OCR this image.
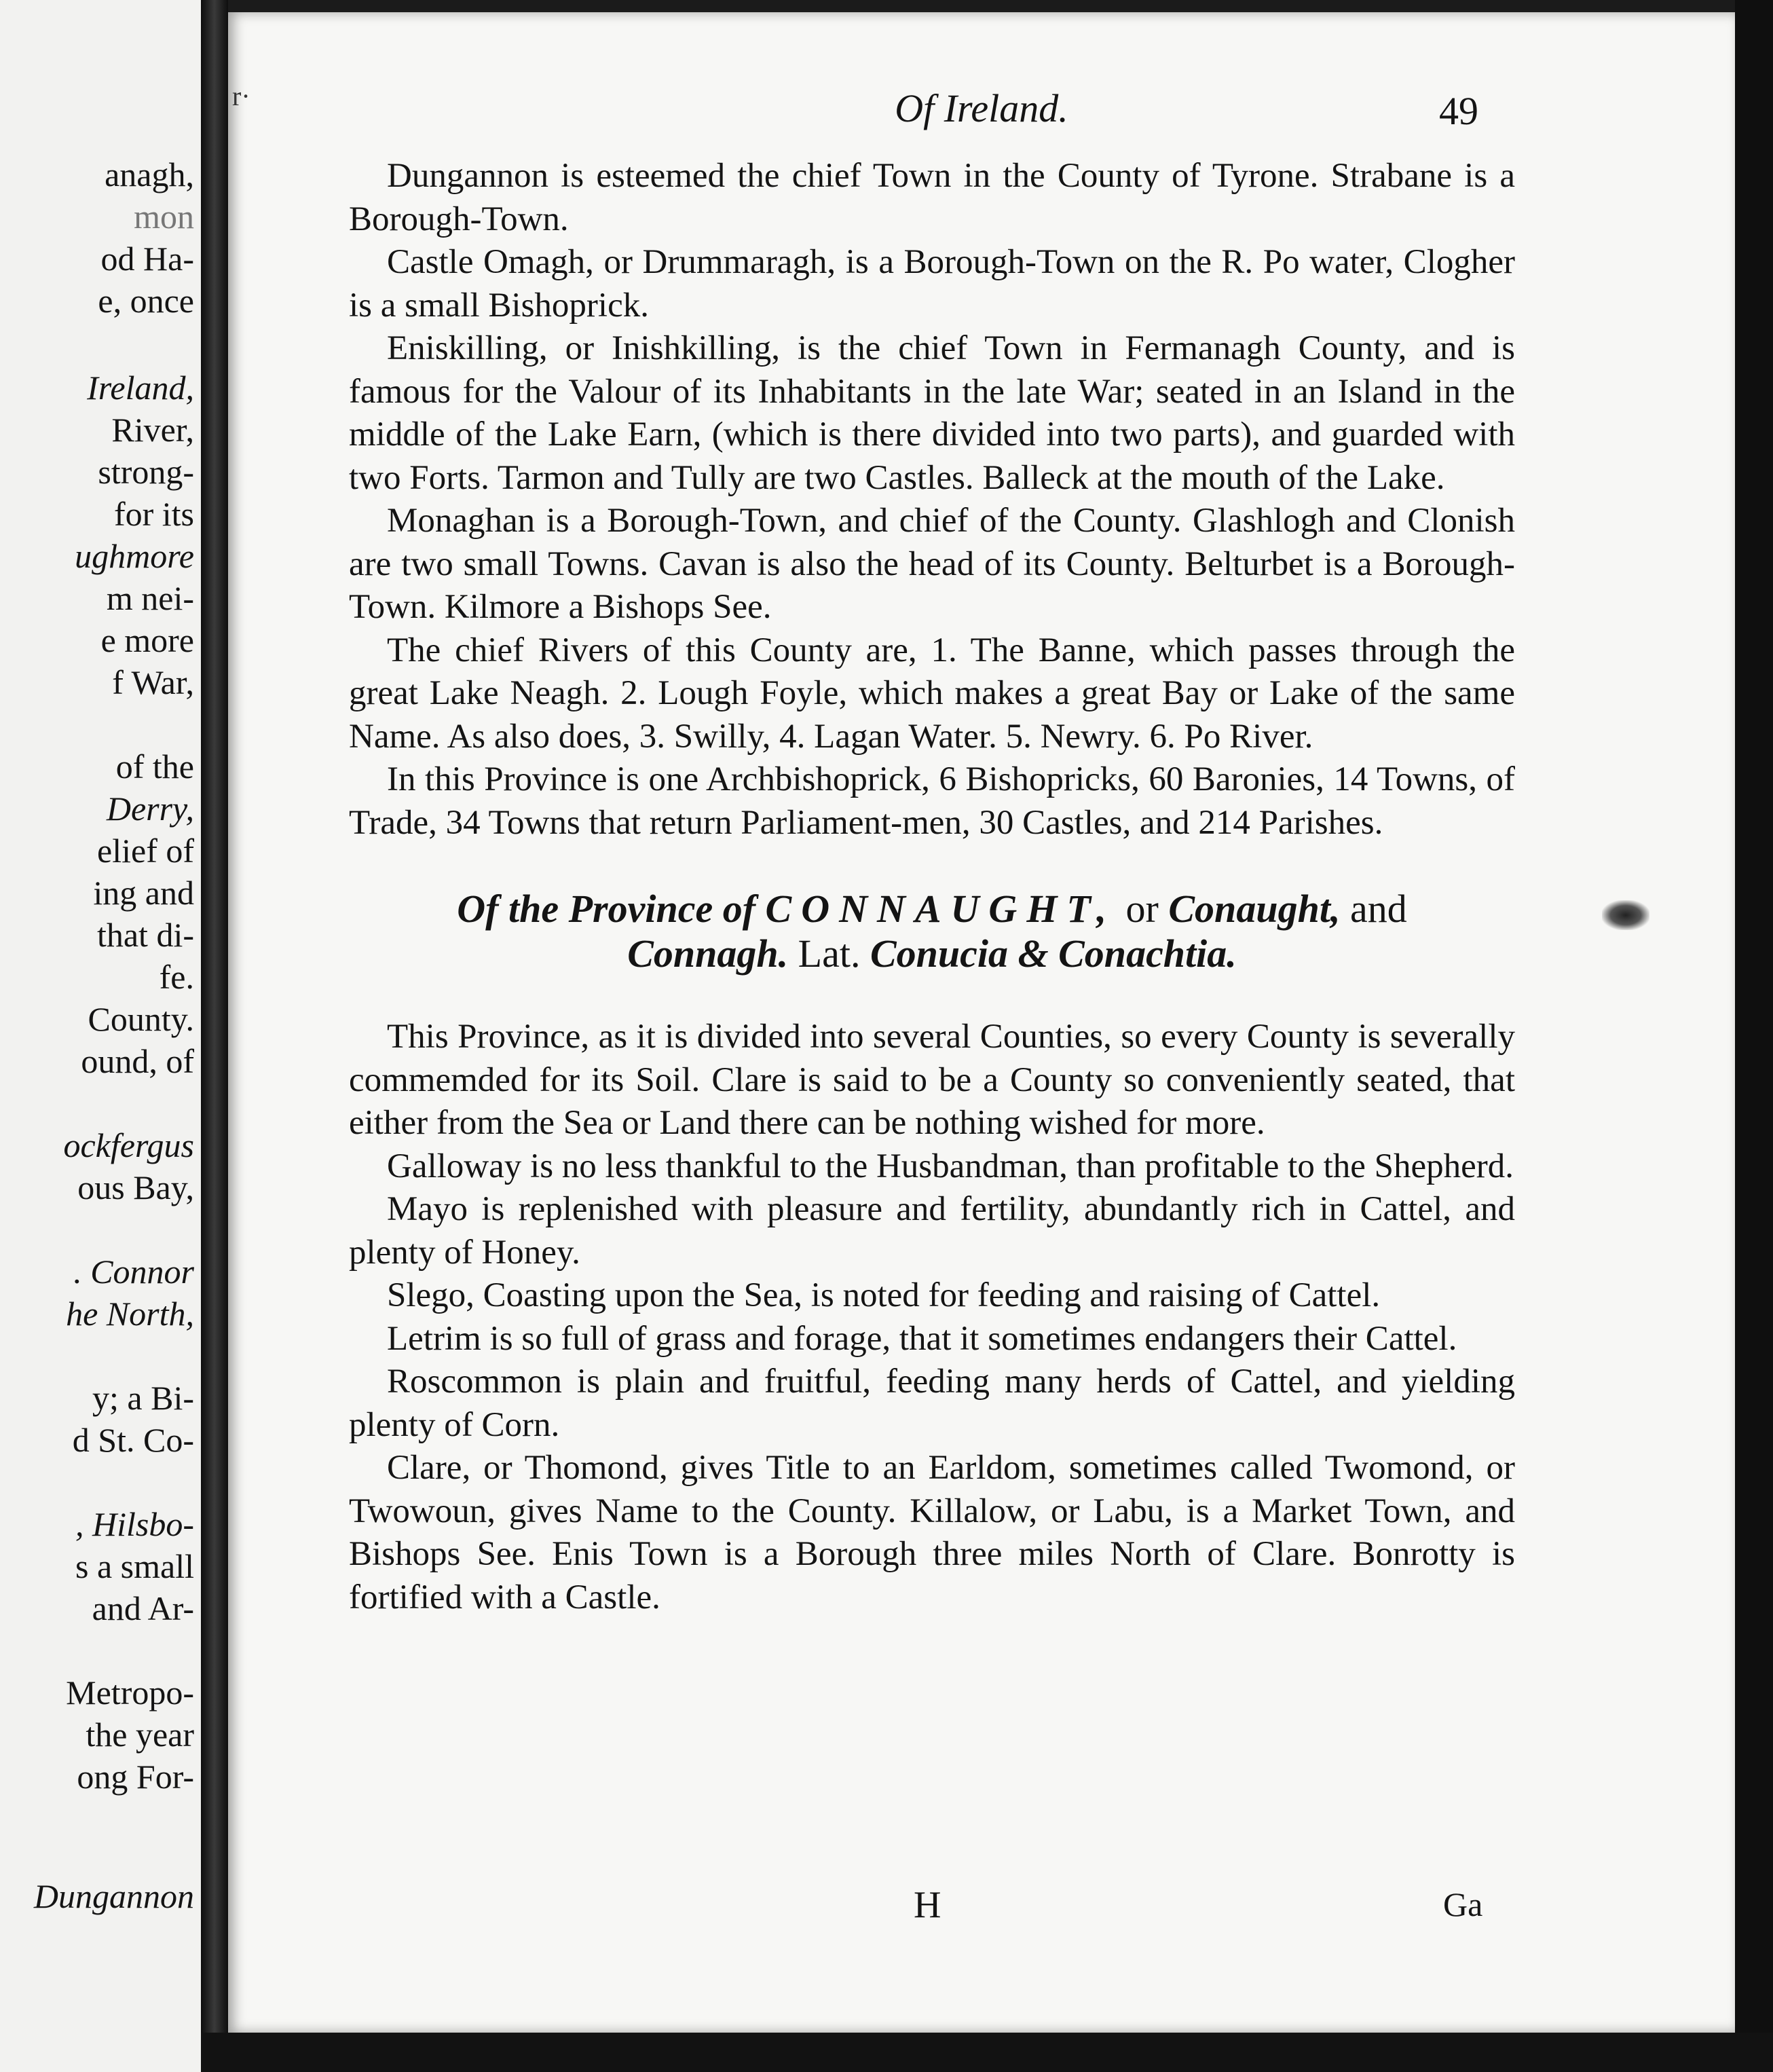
anagh,
mon
od Ha-
e, once
Ireland,
River,
strong-
for its
ughmore
m nei-
e more
f War,
of the
Derry,
elief of
ing and
that di-
fe.
County.
ound, of
ockfergus
ous Bay,
. Connor
he North,
y; a Bi-
d St. Co-
, Hilsbo-
s a small
and Ar-
Metropo-
the year
ong For-
Dungannon
r·	Of Ireland.	49

Dungannon is esteemed the chief Town in the County of Tyrone. Strabane is a Borough-Town.

Castle Omagh, or Drummaragh, is a Borough-Town on the R. Po water, Clogher is a small Bishoprick.

Eniskilling, or Inishkilling, is the chief Town in Fermanagh County, and is famous for the Valour of its Inhabitants in the late War; seated in an Island in the middle of the Lake Earn, (which is there divided into two parts), and guarded with two Forts. Tarmon and Tully are two Castles. Balleck at the mouth of the Lake.

Monaghan is a Borough-Town, and chief of the County. Glashlogh and Clonish are two small Towns. Cavan is also the head of its County. Belturbet is a Borough-Town. Kilmore a Bishops See.

The chief Rivers of this County are, 1. The Banne, which passes through the great Lake Neagh. 2. Lough Foyle, which makes a great Bay or Lake of the same Name. As also does, 3. Swilly, 4. Lagan Water. 5. Newry. 6. Po River.

In this Province is one Archbishoprick, 6 Bishopricks, 60 Baronies, 14 Towns, of Trade, 34 Towns that return Parliament-men, 30 Castles, and 214 Parishes.

Of the Province of CONNAUGHT, or Conaught, and
Connagh. Lat. Conucia & Conachtia.

This Province, as it is divided into several Counties, so every County is severally commemded for its Soil. Clare is said to be a County so conveniently seated, that either from the Sea or Land there can be nothing wished for more.

Galloway is no less thankful to the Husbandman, than profitable to the Shepherd.

Mayo is replenished with pleasure and fertility, abundantly rich in Cattel, and plenty of Honey.

Slego, Coasting upon the Sea, is noted for feeding and raising of Cattel.

Letrim is so full of grass and forage, that it sometimes endangers their Cattel.

Roscommon is plain and fruitful, feeding many herds of Cattel, and yielding plenty of Corn.

Clare, or Thomond, gives Title to an Earldom, sometimes called Twomond, or Twowoun, gives Name to the County. Killalow, or Labu, is a Market Town, and Bishops See. Enis Town is a Borough three miles North of Clare. Bonrotty is fortified with a Castle.

H	Ga
